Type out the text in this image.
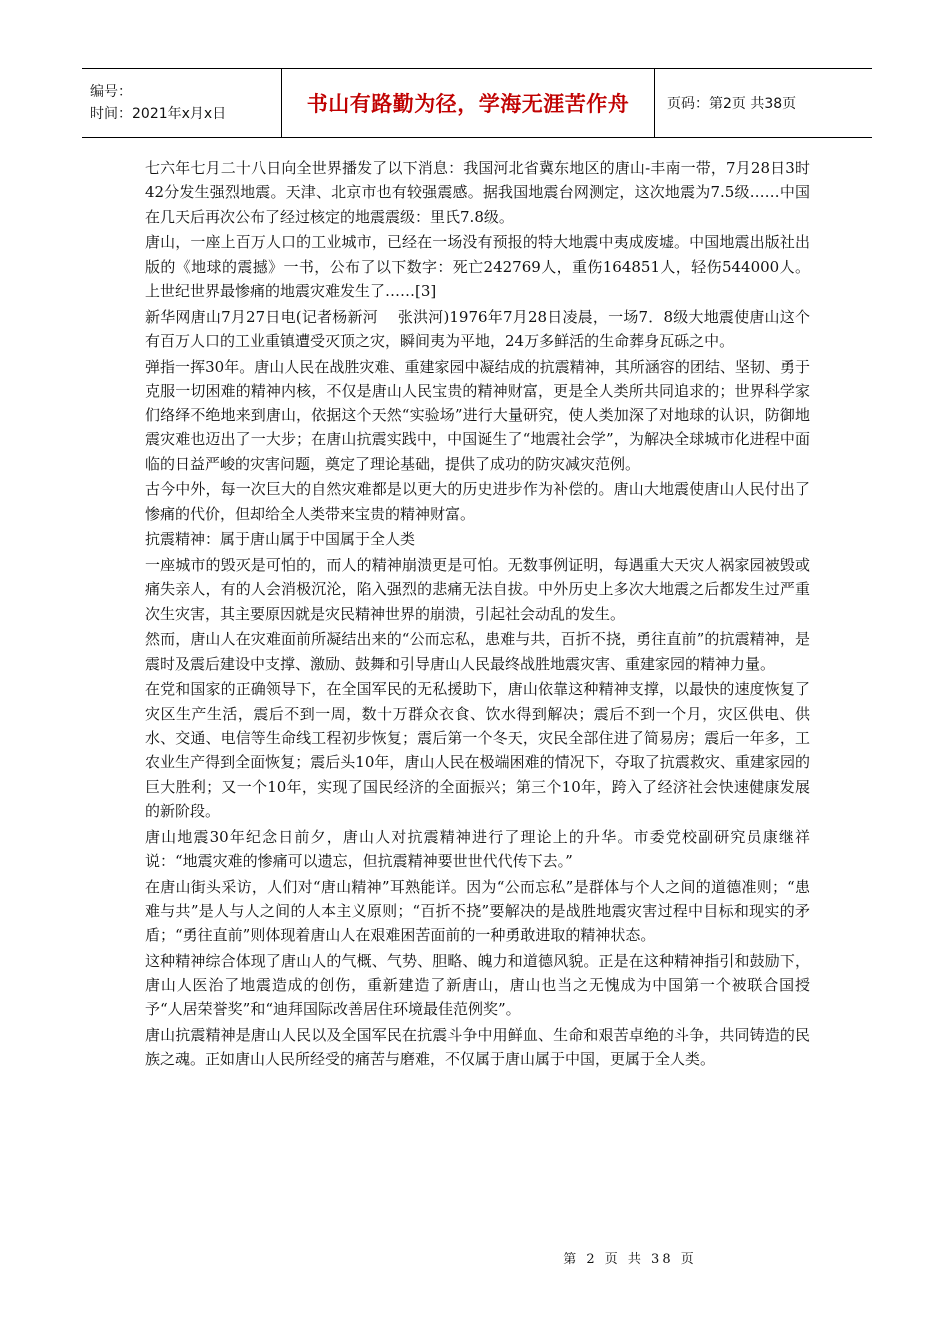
编号：
时间：2021年x月x日	书山有路勤为径，学海无涯苦作舟	页码：第2页 共38页

七六年七月二十八日向全世界播发了以下消息：我国河北省冀东地区的唐山-丰南一带，7月28日3时42分发生强烈地震。天津、北京市也有较强震感。据我国地震台网测定，这次地震为7.5级……中国在几天后再次公布了经过核定的地震震级：里氏7.8级。

唐山，一座上百万人口的工业城市，已经在一场没有预报的特大地震中夷成废墟。中国地震出版社出版的《地球的震撼》一书，公布了以下数字：死亡242769人，重伤164851人，轻伤544000人。上世纪世界最惨痛的地震灾难发生了……[3]

新华网唐山7月27日电(记者杨新河    张洪河)1976年7月28日凌晨，一场7．8级大地震使唐山这个有百万人口的工业重镇遭受灭顶之灾，瞬间夷为平地，24万多鲜活的生命葬身瓦砾之中。

弹指一挥30年。唐山人民在战胜灾难、重建家园中凝结成的抗震精神，其所涵容的团结、坚韧、勇于克服一切困难的精神内核，不仅是唐山人民宝贵的精神财富，更是全人类所共同追求的；世界科学家们络绎不绝地来到唐山，依据这个天然“实验场”进行大量研究，使人类加深了对地球的认识，防御地震灾难也迈出了一大步；在唐山抗震实践中，中国诞生了“地震社会学”，为解决全球城市化进程中面临的日益严峻的灾害问题，奠定了理论基础，提供了成功的防灾减灾范例。

古今中外，每一次巨大的自然灾难都是以更大的历史进步作为补偿的。唐山大地震使唐山人民付出了惨痛的代价，但却给全人类带来宝贵的精神财富。

抗震精神：属于唐山属于中国属于全人类

一座城市的毁灭是可怕的，而人的精神崩溃更是可怕。无数事例证明，每遇重大天灾人祸家园被毁或痛失亲人，有的人会消极沉沦，陷入强烈的悲痛无法自拔。中外历史上多次大地震之后都发生过严重次生灾害，其主要原因就是灾民精神世界的崩溃，引起社会动乱的发生。

然而，唐山人在灾难面前所凝结出来的“公而忘私，患难与共，百折不挠，勇往直前”的抗震精神，是震时及震后建设中支撑、激励、鼓舞和引导唐山人民最终战胜地震灾害、重建家园的精神力量。

在党和国家的正确领导下，在全国军民的无私援助下，唐山依靠这种精神支撑，以最快的速度恢复了灾区生产生活，震后不到一周，数十万群众衣食、饮水得到解决；震后不到一个月，灾区供电、供水、交通、电信等生命线工程初步恢复；震后第一个冬天，灾民全部住进了简易房；震后一年多，工农业生产得到全面恢复；震后头10年，唐山人民在极端困难的情况下，夺取了抗震救灾、重建家园的巨大胜利；又一个10年，实现了国民经济的全面振兴；第三个10年，跨入了经济社会快速健康发展的新阶段。

唐山地震30年纪念日前夕，唐山人对抗震精神进行了理论上的升华。市委党校副研究员康继祥说：“地震灾难的惨痛可以遗忘，但抗震精神要世世代代传下去。”

在唐山街头采访，人们对“唐山精神”耳熟能详。因为“公而忘私”是群体与个人之间的道德准则；“患难与共”是人与人之间的人本主义原则；“百折不挠”要解决的是战胜地震灾害过程中目标和现实的矛盾；“勇往直前”则体现着唐山人在艰难困苦面前的一种勇敢进取的精神状态。

这种精神综合体现了唐山人的气概、气势、胆略、魄力和道德风貌。正是在这种精神指引和鼓励下，唐山人医治了地震造成的创伤，重新建造了新唐山，唐山也当之无愧成为中国第一个被联合国授予“人居荣誉奖”和“迪拜国际改善居住环境最佳范例奖”。

唐山抗震精神是唐山人民以及全国军民在抗震斗争中用鲜血、生命和艰苦卓绝的斗争，共同铸造的民族之魂。正如唐山人民所经受的痛苦与磨难，不仅属于唐山属于中国，更属于全人类。

第 2 页 共 38 页
